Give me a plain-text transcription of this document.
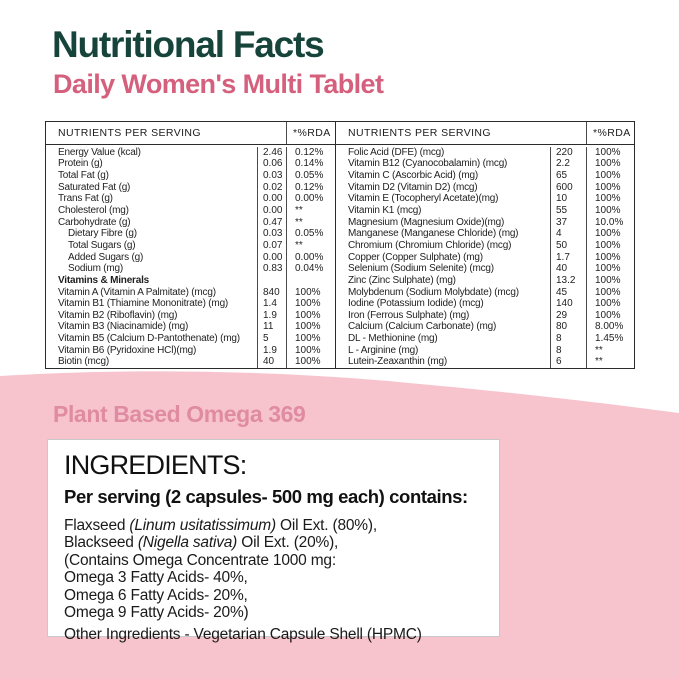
Nutritional Facts
Daily Women's Multi Tablet
NUTRIENTS PER SERVING	*%RDA
Energy Value (kcal)	2.46	0.12%
Protein (g)	0.06	0.14%
Total Fat (g)	0.03	0.05%
Saturated Fat (g)	0.02	0.12%
Trans Fat (g)	0.00	0.00%
Cholesterol (mg)	0.00	**
Carbohydrate (g)	0.47	**
Dietary Fibre (g)	0.03	0.05%
Total Sugars (g)	0.07	**
Added Sugars (g)	0.00	0.00%
Sodium (mg)	0.83	0.04%
Vitamins & Minerals
Vitamin A (Vitamin A Palmitate) (mcg)	840	100%
Vitamin B1 (Thiamine Mononitrate) (mg)	1.4	100%
Vitamin B2 (Riboflavin) (mg)	1.9	100%
Vitamin B3 (Niacinamide) (mg)	11	100%
Vitamin B5 (Calcium D-Pantothenate) (mg)	5	100%
Vitamin B6 (Pyridoxine HCl)(mg)	1.9	100%
Biotin (mcg)	40	100%
NUTRIENTS PER SERVING	*%RDA
Folic Acid (DFE) (mcg)	220	100%
Vitamin B12 (Cyanocobalamin) (mcg)	2.2	100%
Vitamin C (Ascorbic Acid) (mg)	65	100%
Vitamin D2 (Vitamin D2) (mcg)	600	100%
Vitamin E (Tocopheryl Acetate)(mg)	10	100%
Vitamin K1 (mcg)	55	100%
Magnesium (Magnesium Oxide)(mg)	37	10.0%
Manganese (Manganese Chloride) (mg)	4	100%
Chromium (Chromium Chloride) (mcg)	50	100%
Copper (Copper Sulphate) (mg)	1.7	100%
Selenium (Sodium Selenite) (mcg)	40	100%
Zinc (Zinc Sulphate) (mg)	13.2	100%
Molybdenum (Sodium Molybdate) (mcg)	45	100%
Iodine (Potassium Iodide) (mcg)	140	100%
Iron (Ferrous Sulphate) (mg)	29	100%
Calcium (Calcium Carbonate) (mg)	80	8.00%
DL - Methionine (mg)	8	1.45%
L - Arginine (mg)	8	**
Lutein-Zeaxanthin (mg)	6	**
Plant Based Omega 369
INGREDIENTS:
Per serving (2 capsules- 500 mg each) contains:
Flaxseed (Linum usitatissimum) Oil Ext. (80%),
Blackseed (Nigella sativa) Oil Ext. (20%),
(Contains Omega Concentrate 1000 mg:
Omega 3 Fatty Acids- 40%,
Omega 6 Fatty Acids- 20%,
Omega 9 Fatty Acids- 20%)
Other Ingredients - Vegetarian Capsule Shell (HPMC)
